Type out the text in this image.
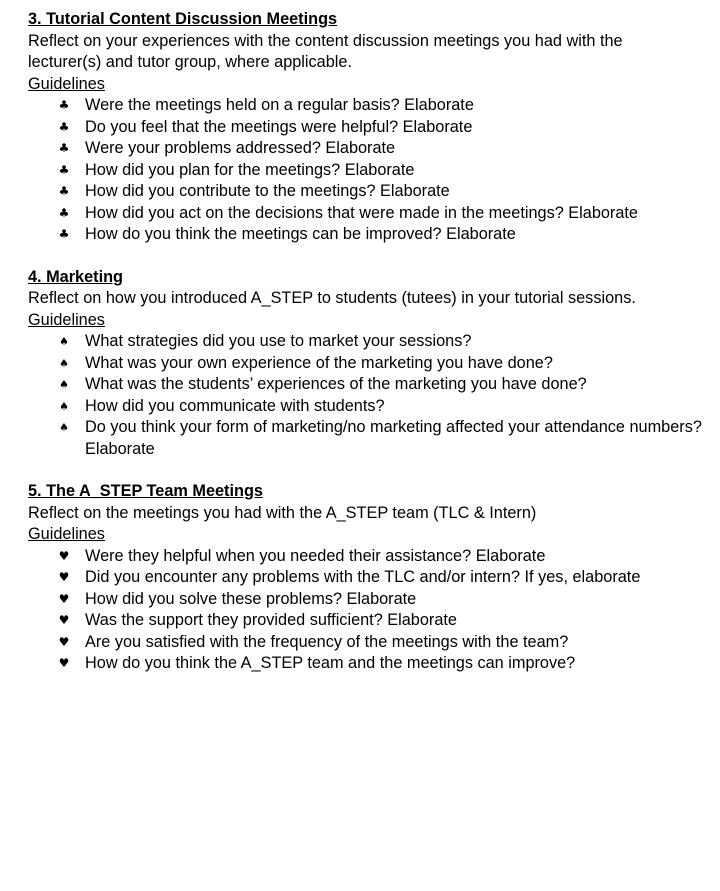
3. Tutorial Content Discussion Meetings

Reflect on your experiences with the content discussion meetings you had with the lecturer(s) and tutor group, where applicable.

Guidelines

♣ Were the meetings held on a regular basis? Elaborate
♣ Do you feel that the meetings were helpful? Elaborate
♣ Were your problems addressed? Elaborate
♣ How did you plan for the meetings? Elaborate
♣ How did you contribute to the meetings? Elaborate
♣ How did you act on the decisions that were made in the meetings? Elaborate
♣ How do you think the meetings can be improved? Elaborate

4. Marketing

Reflect on how you introduced A_STEP to students (tutees) in your tutorial sessions.

Guidelines

♠ What strategies did you use to market your sessions?
♠ What was your own experience of the marketing you have done?
♠ What was the students’ experiences of the marketing you have done?
♠ How did you communicate with students?
♠ Do you think your form of marketing/no marketing affected your attendance numbers? Elaborate

5. The A_STEP Team Meetings

Reflect on the meetings you had with the A_STEP team (TLC & Intern)

Guidelines

♥ Were they helpful when you needed their assistance? Elaborate
♥ Did you encounter any problems with the TLC and/or intern? If yes, elaborate
♥ How did you solve these problems? Elaborate
♥ Was the support they provided sufficient? Elaborate
♥ Are you satisfied with the frequency of the meetings with the team?
♥ How do you think the A_STEP team and the meetings can improve?
